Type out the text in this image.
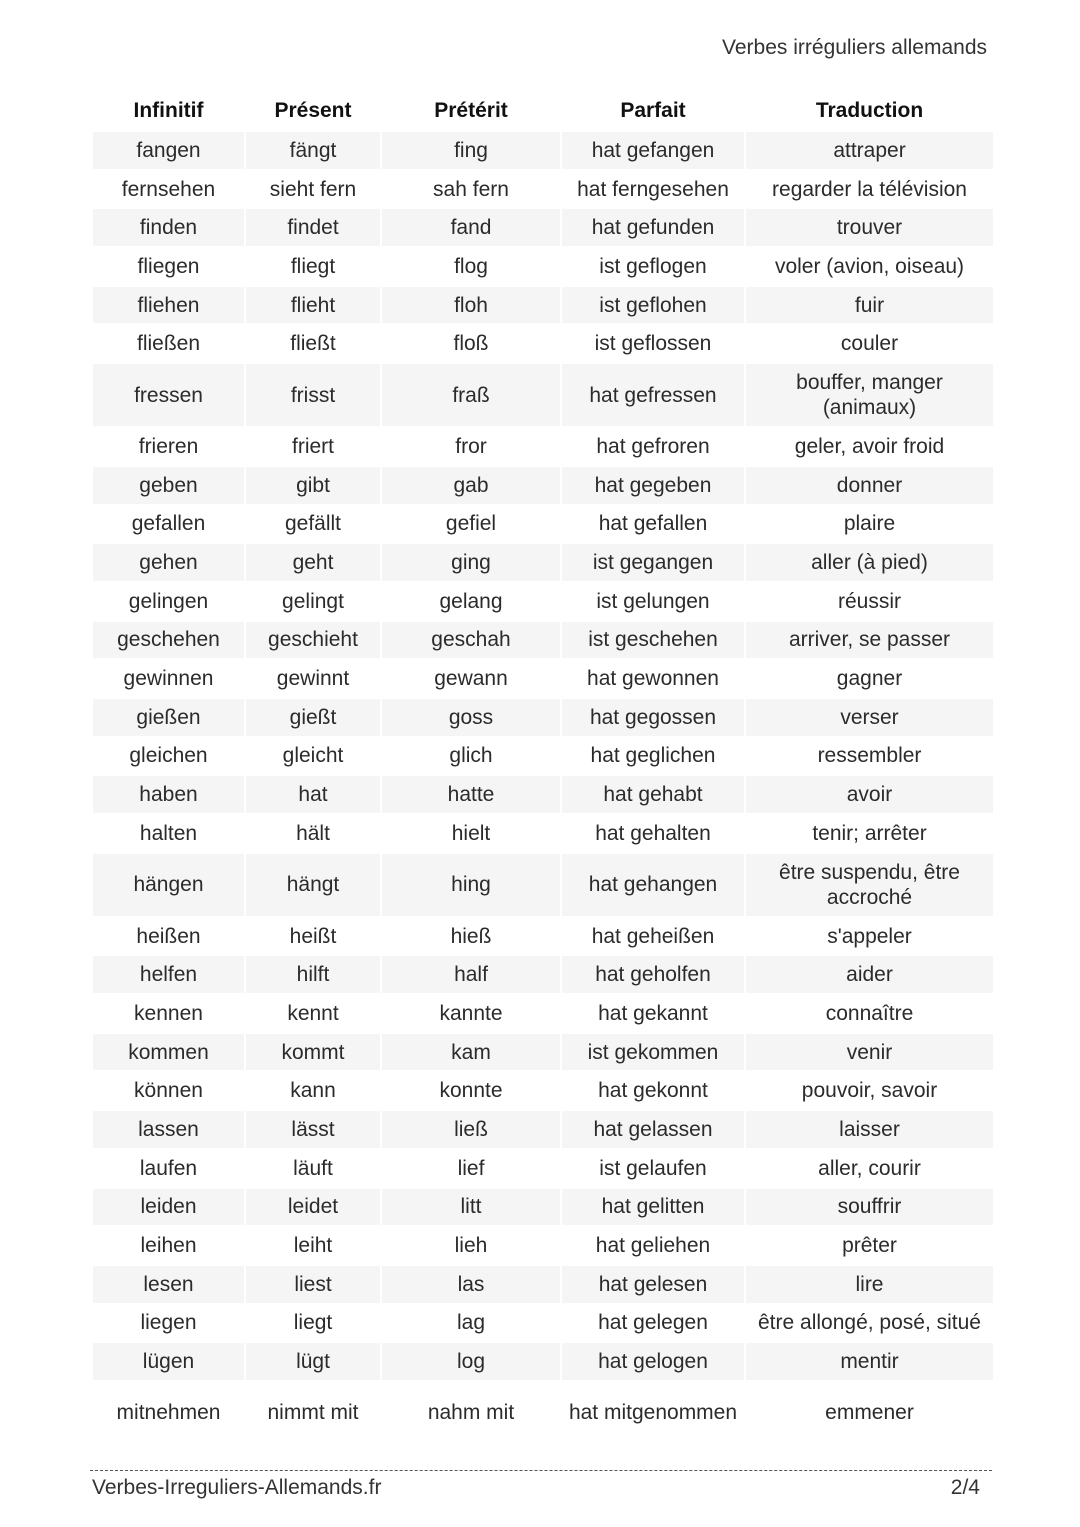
Verbes irréguliers allemands
Infinitif	Présent	Prétérit	Parfait	Traduction
fangen	fängt	fing	hat gefangen	attraper
fernsehen	sieht fern	sah fern	hat ferngesehen	regarder la télévision
finden	findet	fand	hat gefunden	trouver
fliegen	fliegt	flog	ist geflogen	voler (avion, oiseau)
fliehen	flieht	floh	ist geflohen	fuir
fließen	fließt	floß	ist geflossen	couler
fressen	frisst	fraß	hat gefressen	bouffer, manger (animaux)
frieren	friert	fror	hat gefroren	geler, avoir froid
geben	gibt	gab	hat gegeben	donner
gefallen	gefällt	gefiel	hat gefallen	plaire
gehen	geht	ging	ist gegangen	aller (à pied)
gelingen	gelingt	gelang	ist gelungen	réussir
geschehen	geschieht	geschah	ist geschehen	arriver, se passer
gewinnen	gewinnt	gewann	hat gewonnen	gagner
gießen	gießt	goss	hat gegossen	verser
gleichen	gleicht	glich	hat geglichen	ressembler
haben	hat	hatte	hat gehabt	avoir
halten	hält	hielt	hat gehalten	tenir; arrêter
hängen	hängt	hing	hat gehangen	être suspendu, être accroché
heißen	heißt	hieß	hat geheißen	s'appeler
helfen	hilft	half	hat geholfen	aider
kennen	kennt	kannte	hat gekannt	connaître
kommen	kommt	kam	ist gekommen	venir
können	kann	konnte	hat gekonnt	pouvoir, savoir
lassen	lässt	ließ	hat gelassen	laisser
laufen	läuft	lief	ist gelaufen	aller, courir
leiden	leidet	litt	hat gelitten	souffrir
leihen	leiht	lieh	hat geliehen	prêter
lesen	liest	las	hat gelesen	lire
liegen	liegt	lag	hat gelegen	être allongé, posé, situé
lügen	lügt	log	hat gelogen	mentir
mitnehmen	nimmt mit	nahm mit	hat mitgenommen	emmener
Verbes-Irreguliers-Allemands.fr	2/4
